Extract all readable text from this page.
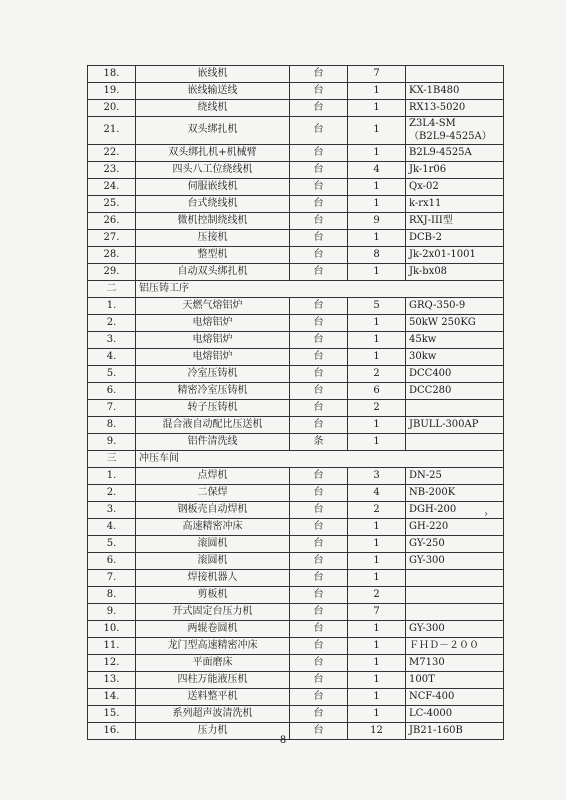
18.	嵌线机	台	7	
19.	嵌线输送线	台	1	KX-1B480
20.	绕线机	台	1	RX13-5020
21.	双头绑扎机	台	1	Z3L4-SM
（B2L9-4525A）
22.	双头绑扎机+机械臂	台	1	B2L9-4525A
23.	四头八工位绕线机	台	4	Jk-1r06
24.	伺服嵌线机	台	1	Qx-02
25.	台式绕线机	台	1	k-rx11
26.	微机控制绕线机	台	9	RXJ-III型
27.	压接机	台	1	DCB-2
28.	整型机	台	8	Jk-2x01-1001
29.	自动双头绑扎机	台	1	Jk-bx08
二	铝压铸工序			
1.	天燃气熔铝炉	台	5	GRQ-350-9
2.	电熔铝炉	台	1	50kW 250KG
3.	电熔铝炉	台	1	45kw
4.	电熔铝炉	台	1	30kw
5.	冷室压铸机	台	2	DCC400
6.	精密冷室压铸机	台	6	DCC280
7.	转子压铸机	台	2	
8.	混合液自动配比压送机	台	1	JBULL-300AP
9.	铝件清洗线	条	1	
三	冲压车间			
1.	点焊机	台	3	DN-25
2.	二保焊	台	4	NB-200K
3.	钢板壳自动焊机	台	2	DGH-200
4.	高速精密冲床	台	1	GH-220
5.	滚圆机	台	1	GY-250
6.	滚圆机	台	1	GY-300
7.	焊接机器人	台	1	
8.	剪板机	台	2	
9.	开式固定台压力机	台	7	
10.	两辊卷圆机	台	1	GY-300
11.	龙门型高速精密冲床	台	1	ＦＨＤ－２００
12.	平面磨床	台	1	M7130
13.	四柱万能液压机	台	1	100T
14.	送料整平机	台	1	NCF-400
15.	系列超声波清洗机	台	1	LC-4000
16.	压力机	台	12	JB21-160B
8
›
